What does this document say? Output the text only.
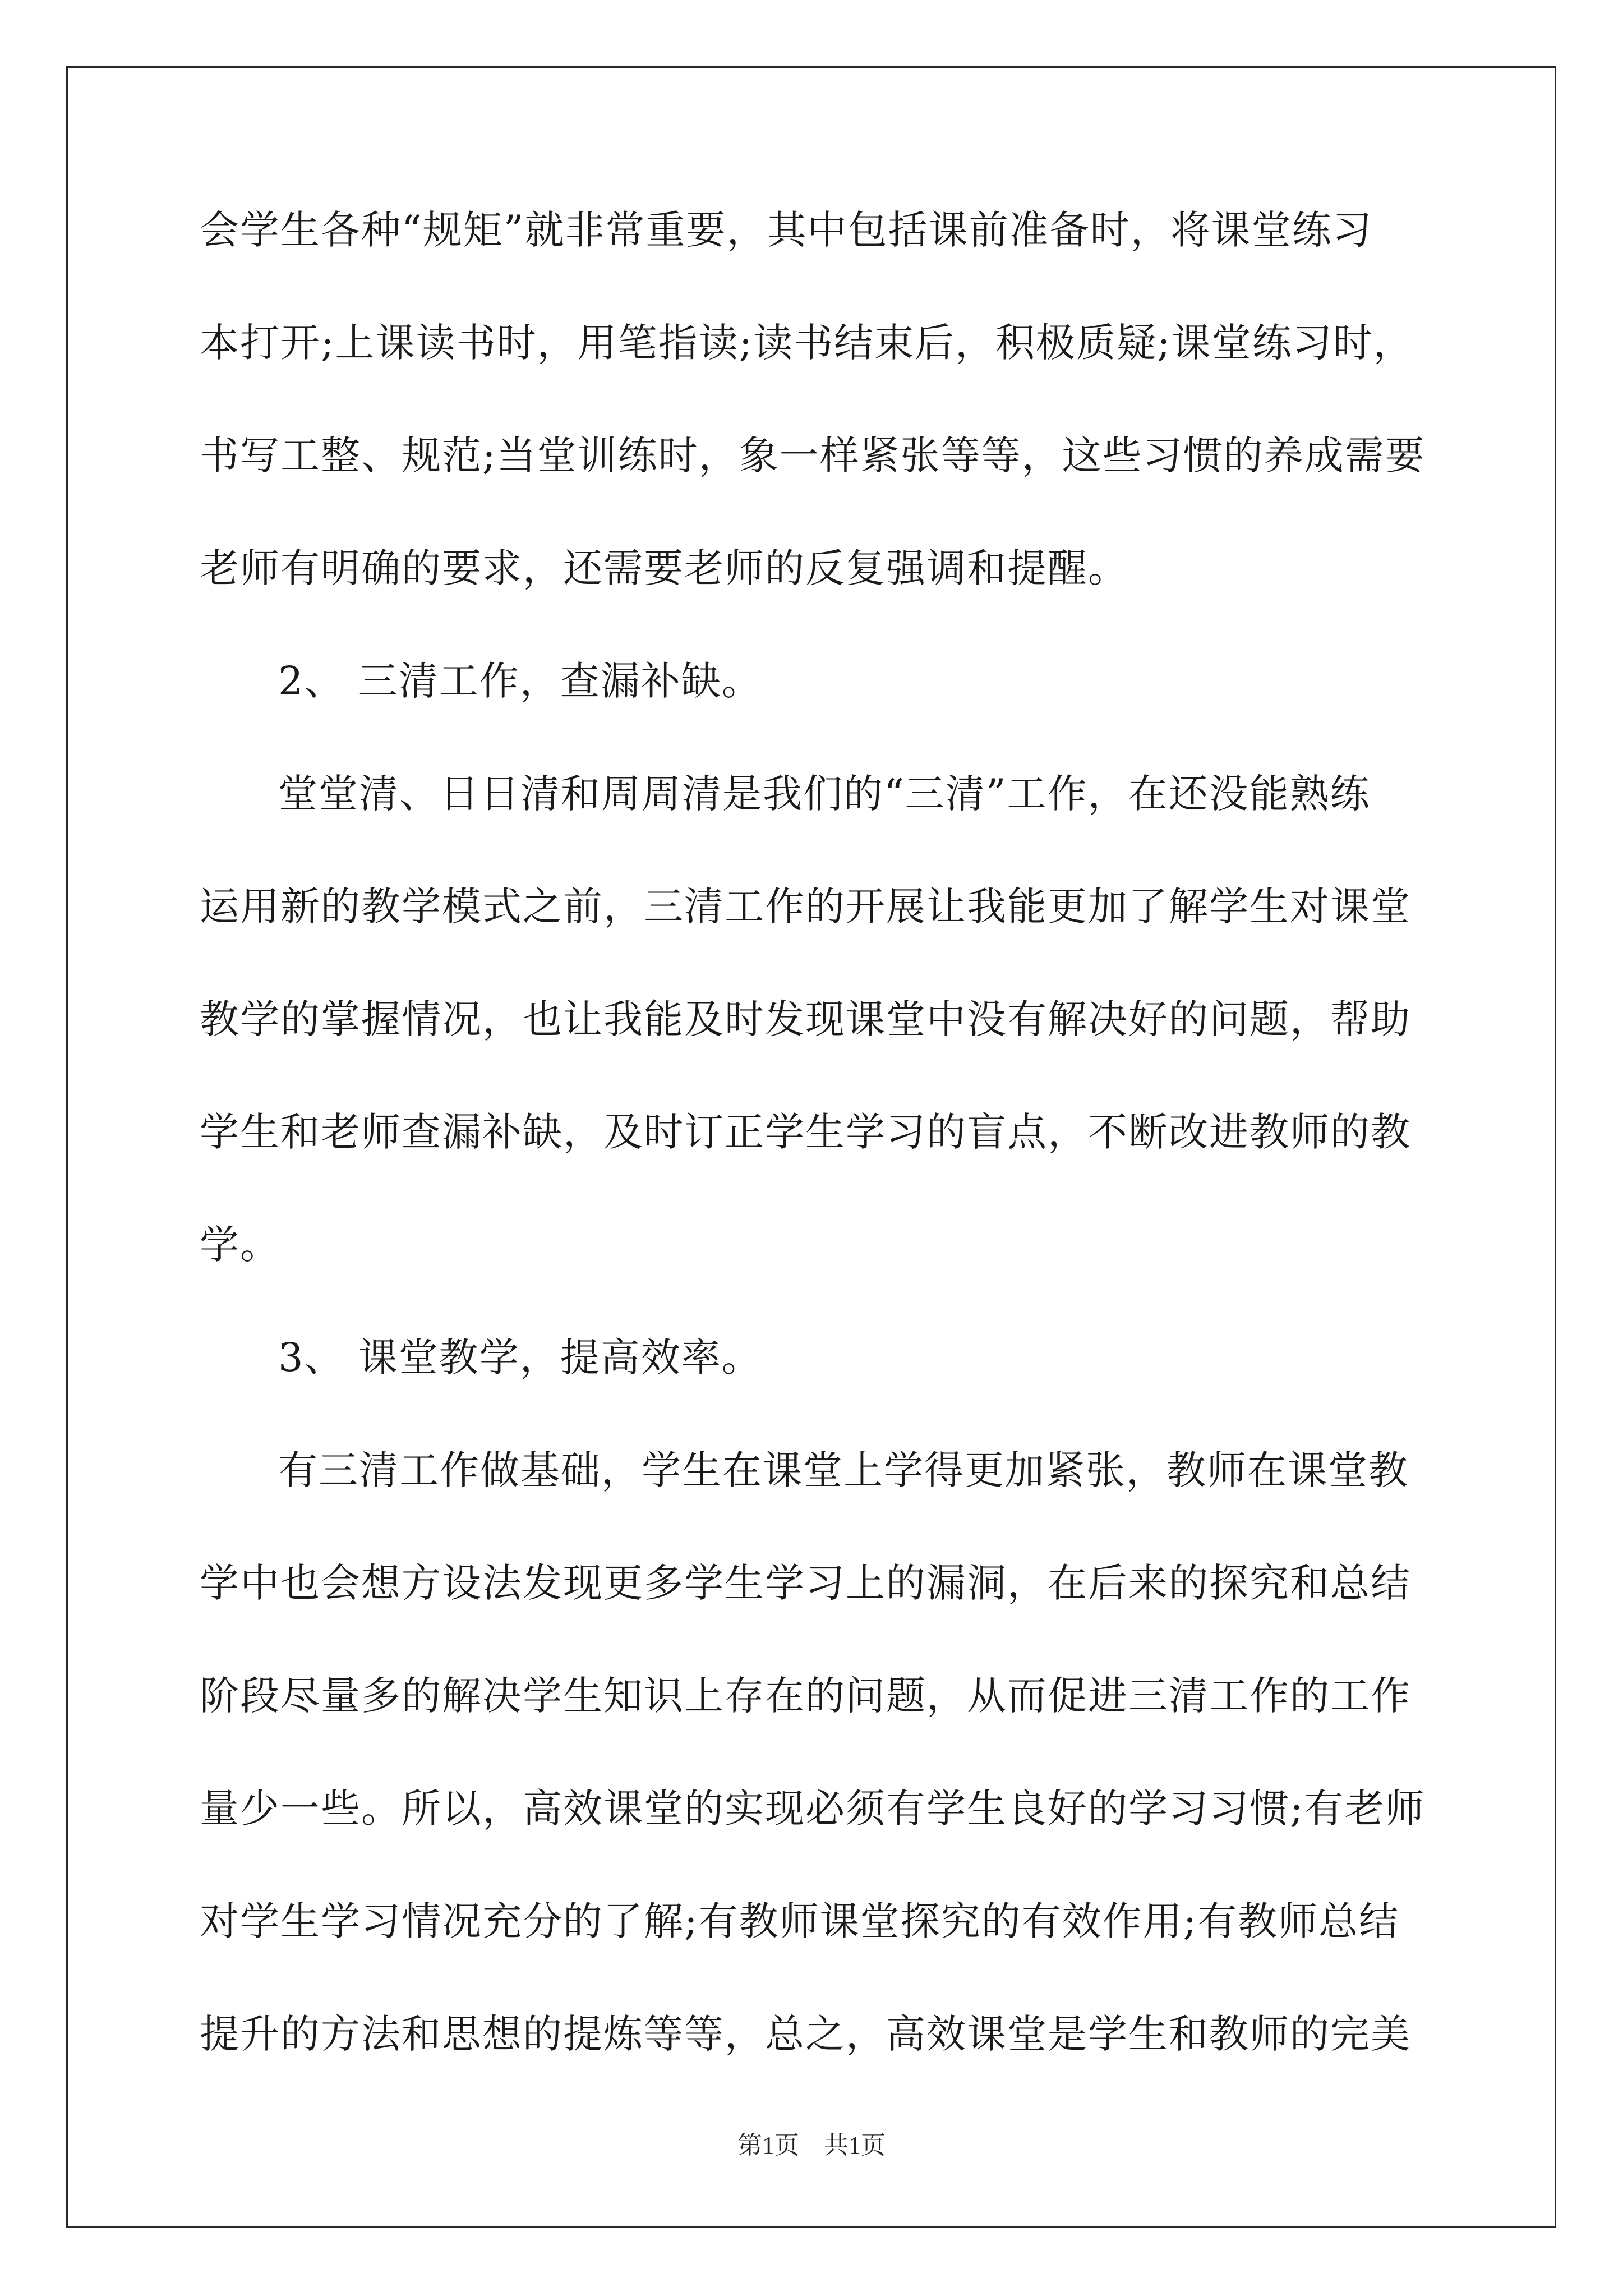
会学生各种“规矩”就非常重要，其中包括课前准备时，将课堂练习
本打开;上课读书时，用笔指读;读书结束后，积极质疑;课堂练习时，
书写工整、规范;当堂训练时，象一样紧张等等，这些习惯的养成需要
老师有明确的要求，还需要老师的反复强调和提醒。
2、 三清工作，查漏补缺。
堂堂清、日日清和周周清是我们的“三清”工作，在还没能熟练
运用新的教学模式之前，三清工作的开展让我能更加了解学生对课堂
教学的掌握情况，也让我能及时发现课堂中没有解决好的问题，帮助
学生和老师查漏补缺，及时订正学生学习的盲点，不断改进教师的教
学。
3、 课堂教学，提高效率。
有三清工作做基础，学生在课堂上学得更加紧张，教师在课堂教
学中也会想方设法发现更多学生学习上的漏洞，在后来的探究和总结
阶段尽量多的解决学生知识上存在的问题，从而促进三清工作的工作
量少一些。所以，高效课堂的实现必须有学生良好的学习习惯;有老师
对学生学习情况充分的了解;有教师课堂探究的有效作用;有教师总结
提升的方法和思想的提炼等等，总之，高效课堂是学生和教师的完美
第1页　共1页
